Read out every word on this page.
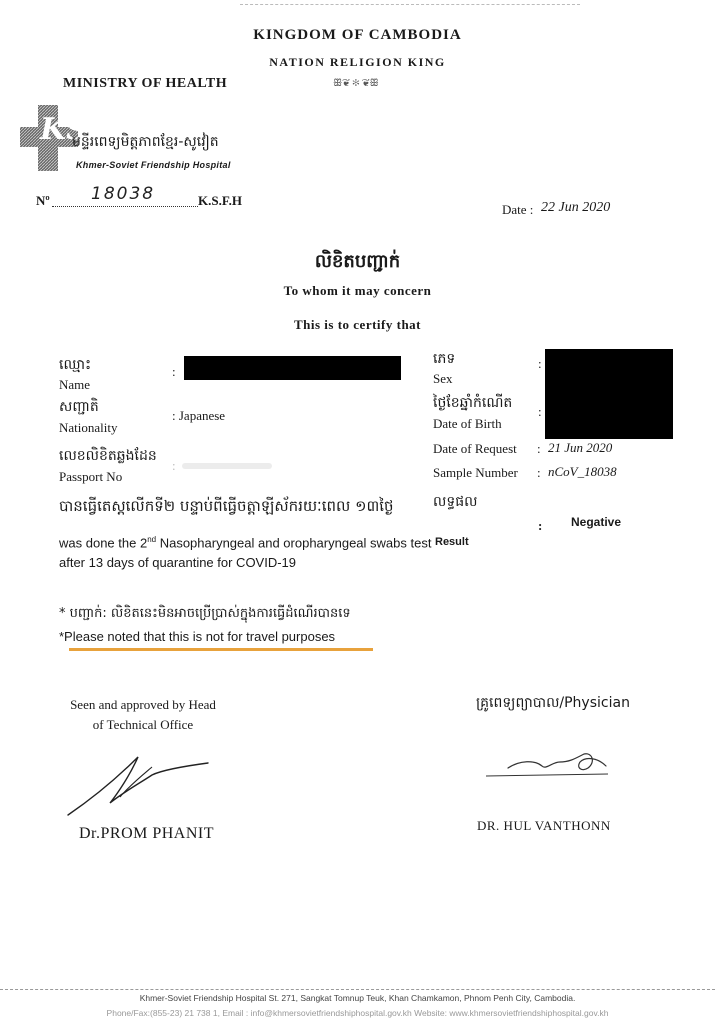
KINGDOM OF CAMBODIA
NATION RELIGION KING
ꕥ❦ ✻ ❦ꕥ
MINISTRY OF HEALTH
KS
មន្ទីរពេទ្យមិត្តភាពខ្មែរ-សូវៀត
Khmer-Soviet Friendship Hospital
Nº 18038	K.S.F.H
Date : 22 Jun 2020
លិខិតបញ្ជាក់
To whom it may concern
This is to certify that
ឈ្មោះ
Name
:
សញ្ជាតិ
Nationality
: Japanese
លេខលិខិតឆ្លងដែន
Passport No
:
ភេទ
Sex
:
ថ្ងៃខែឆ្នាំកំណើត
Date of Birth
:
Date of Request : 21 Jun 2020
Sample Number : nCoV_18038
លទ្ធផល
: Negative
Result
បានធ្វើតេស្តលើកទី២ បន្ទាប់ពីធ្វើចត្តាឡីស័ករយៈពេល ១៣ថ្ងៃ
was done the 2nd Nasopharyngeal and oropharyngeal swabs test after 13 days of quarantine for COVID-19
* បញ្ជាក់: លិខិតនេះមិនអាចប្រើប្រាស់ក្នុងការធ្វើដំណើរបានទេ
*Please noted that this is not for travel purposes
Seen and approved by Head of Technical Office
គ្រូពេទ្យព្យាបាល/Physician
Dr.PROM PHANIT	DR. HUL VANTHONN
Khmer-Soviet Friendship Hospital St. 271, Sangkat Tomnup Teuk, Khan Chamkamon, Phnom Penh City, Cambodia.
Phone/Fax:(855-23) 21 738 1, Email : info@khmersovietfriendshiphospital.gov.kh Website: www.khmersovietfriendshiphospital.gov.kh
